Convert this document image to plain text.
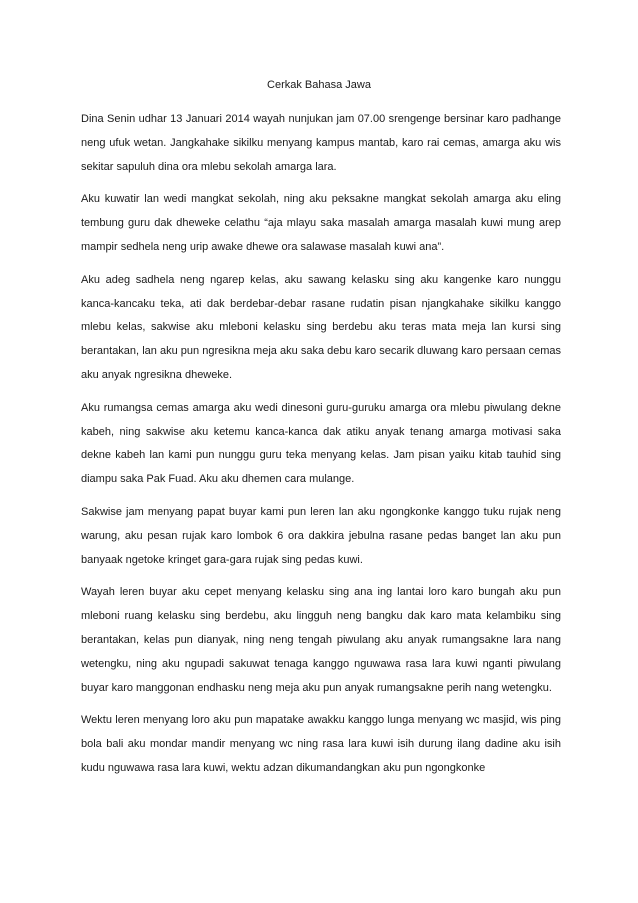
Cerkak Bahasa Jawa

Dina Senin udhar 13 Januari 2014 wayah nunjukan jam 07.00 srengenge bersinar karo padhange neng ufuk wetan. Jangkahake sikilku menyang kampus mantab, karo rai cemas, amarga aku wis sekitar sapuluh dina ora mlebu sekolah amarga lara.

Aku kuwatir lan wedi mangkat sekolah, ning aku peksakne mangkat sekolah amarga aku eling tembung guru dak dheweke celathu “aja mlayu saka masalah amarga masalah kuwi mung arep mampir sedhela neng urip awake dhewe ora salawase masalah kuwi ana”.

Aku adeg sadhela neng ngarep kelas, aku sawang kelasku sing aku kangenke karo nunggu kanca-kancaku teka, ati dak berdebar-debar rasane rudatin pisan njangkahake sikilku kanggo mlebu kelas, sakwise aku mleboni kelasku sing berdebu aku teras mata meja lan kursi sing berantakan, lan aku pun ngresikna meja aku saka debu karo secarik dluwang karo persaan cemas aku anyak ngresikna dheweke.

Aku rumangsa cemas amarga aku wedi dinesoni guru-guruku amarga ora mlebu piwulang dekne kabeh, ning sakwise aku ketemu kanca-kanca dak atiku anyak tenang amarga motivasi saka dekne kabeh lan kami pun nunggu guru teka menyang kelas. Jam pisan yaiku kitab tauhid sing diampu saka Pak Fuad. Aku aku dhemen cara mulange.

Sakwise jam menyang papat buyar kami pun leren lan aku ngongkonke kanggo tuku rujak neng warung, aku pesan rujak karo lombok 6 ora dakkira jebulna rasane pedas banget lan aku pun banyaak ngetoke kringet gara-gara rujak sing pedas kuwi.

Wayah leren buyar aku cepet menyang kelasku sing ana ing lantai loro karo bungah aku pun mleboni ruang kelasku sing berdebu, aku lingguh neng bangku dak karo mata kelambiku sing berantakan, kelas pun dianyak, ning neng tengah piwulang aku anyak rumangsakne lara nang wetengku, ning aku ngupadi sakuwat tenaga kanggo nguwawa rasa lara kuwi nganti piwulang buyar karo manggonan endhasku neng meja aku pun anyak rumangsakne perih nang wetengku.

Wektu leren menyang loro aku pun mapatake awakku kanggo lunga menyang wc masjid, wis ping bola bali aku mondar mandir menyang wc ning rasa lara kuwi isih durung ilang dadine aku isih kudu nguwawa rasa lara kuwi, wektu adzan dikumandangkan aku pun ngongkonke
